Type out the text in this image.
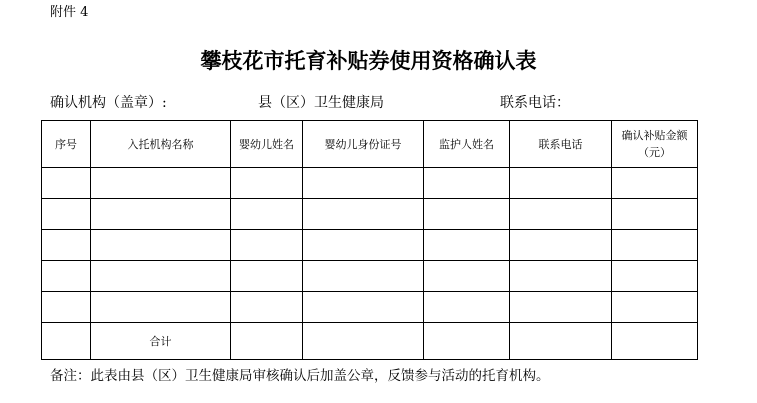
附件 4
攀枝花市托育补贴券使用资格确认表
确认机构（盖章）:	县（区）卫生健康局	联系电话：
序号	入托机构名称	婴幼儿姓名	婴幼儿身份证号	监护人姓名	联系电话	确认补贴金额（元）

	合计					
备注：此表由县（区）卫生健康局审核确认后加盖公章，反馈参与活动的托育机构。
